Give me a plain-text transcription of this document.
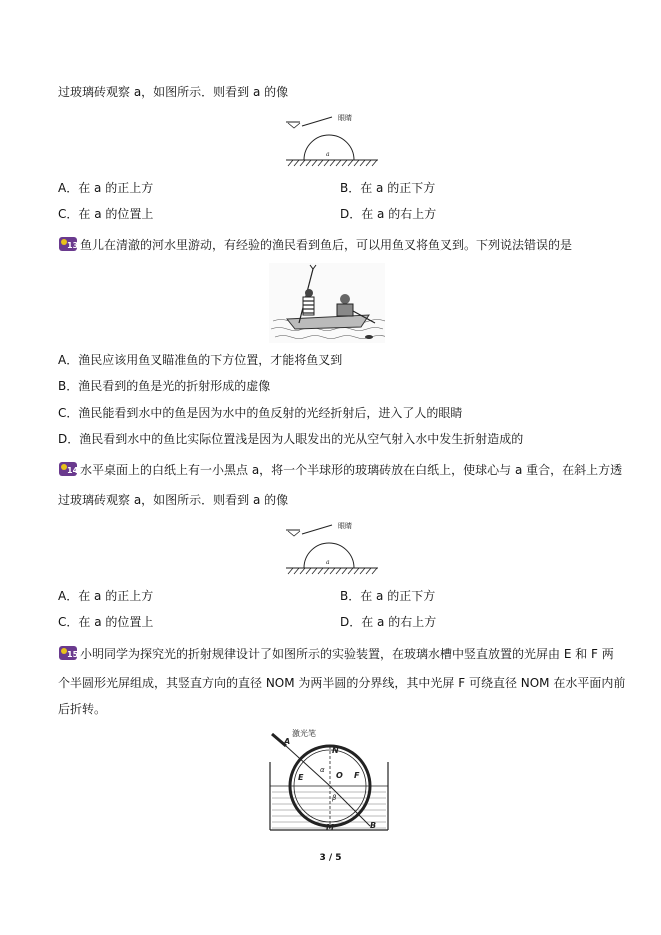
过玻璃砖观察 a，如图所示．则看到 a 的像
眼睛
a
A．在 a 的正上方	B．在 a 的正下方
C．在 a 的位置上	D．在 a 的右上方
13 鱼儿在清澈的河水里游动，有经验的渔民看到鱼后，可以用鱼叉将鱼叉到。下列说法错误的是
A．渔民应该用鱼叉瞄准鱼的下方位置，才能将鱼叉到
B．渔民看到的鱼是光的折射形成的虚像
C．渔民能看到水中的鱼是因为水中的鱼反射的光经折射后，进入了人的眼睛
D．渔民看到水中的鱼比实际位置浅是因为人眼发出的光从空气射入水中发生折射造成的
14 水平桌面上的白纸上有一小黑点 a，将一个半球形的玻璃砖放在白纸上，使球心与 a 重合，在斜上方透
过玻璃砖观察 a，如图所示．则看到 a 的像
眼睛
a
A．在 a 的正上方	B．在 a 的正下方
C．在 a 的位置上	D．在 a 的右上方
15 小明同学为探究光的折射规律设计了如图所示的实验装置，在玻璃水槽中竖直放置的光屏由 E 和 F 两
个半圆形光屏组成，其竖直方向的直径 NOM 为两半圆的分界线，其中光屏 F 可绕直径 NOM 在水平面内前
后折转。
激光笔
A
N
O
E	F
M	B
α
β
3 / 5
